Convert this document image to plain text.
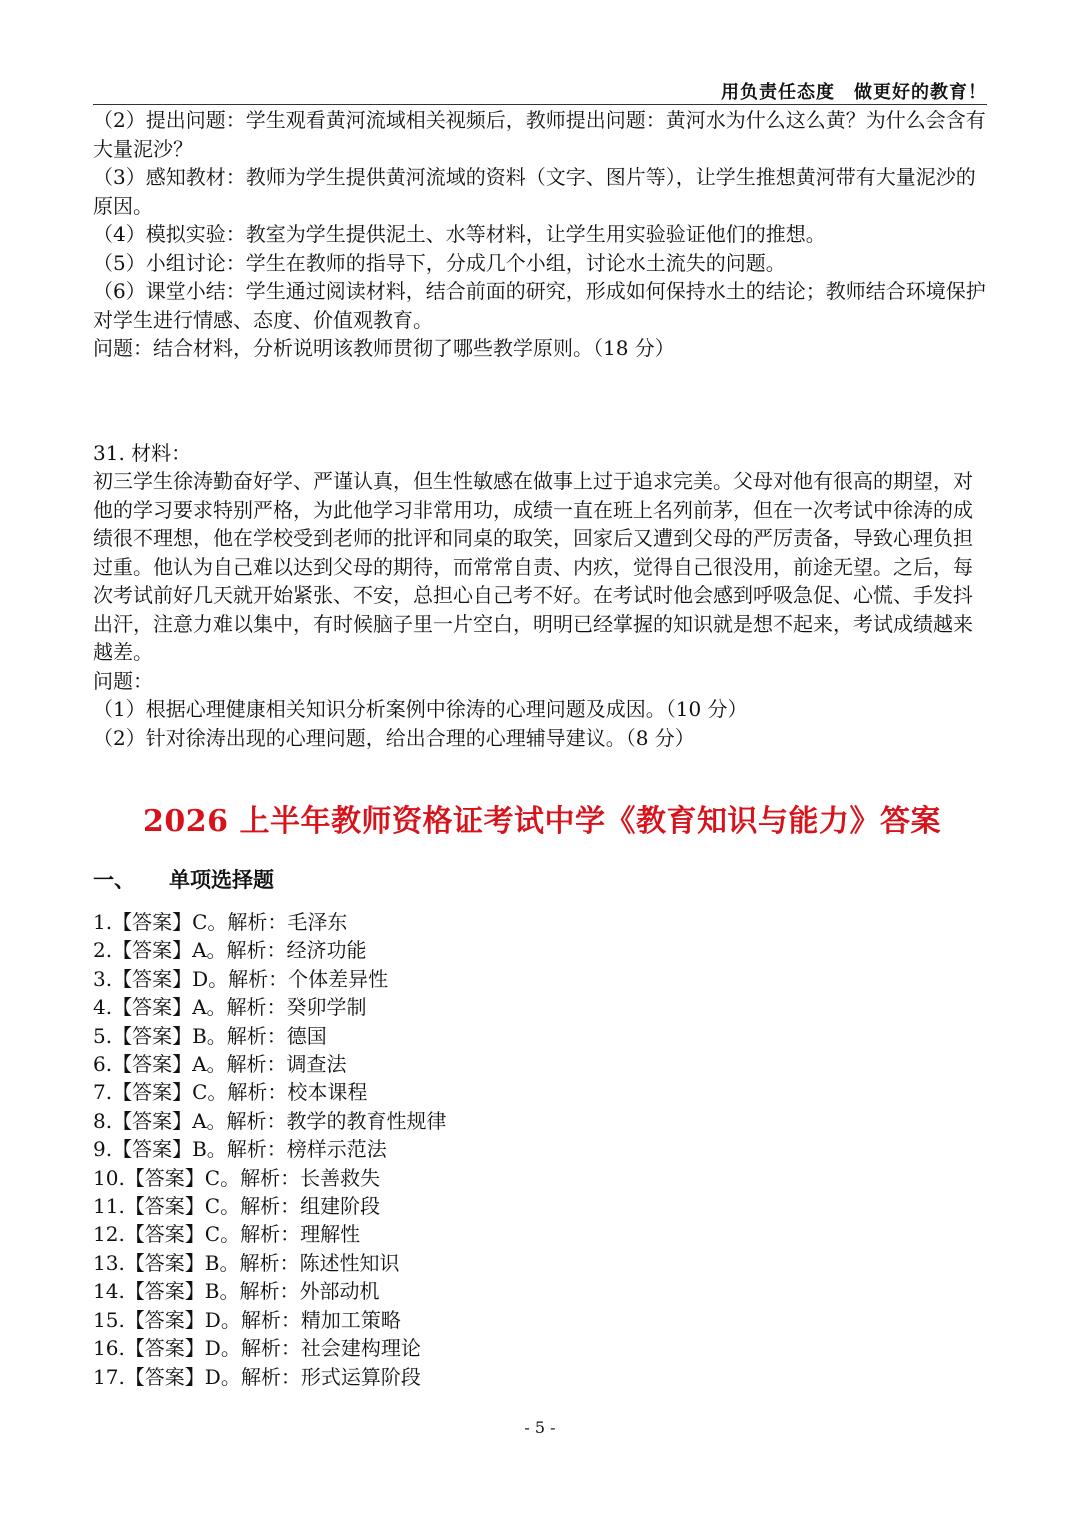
用负责任态度　做更好的教育！

（2）提出问题：学生观看黄河流域相关视频后，教师提出问题：黄河水为什么这么黄？为什么会含有大量泥沙？

（3）感知教材：教师为学生提供黄河流域的资料（文字、图片等），让学生推想黄河带有大量泥沙的原因。

（4）模拟实验：教室为学生提供泥土、水等材料，让学生用实验验证他们的推想。

（5）小组讨论：学生在教师的指导下，分成几个小组，讨论水土流失的问题。

（6）课堂小结：学生通过阅读材料，结合前面的研究，形成如何保持水土的结论；教师结合环境保护对学生进行情感、态度、价值观教育。

问题：结合材料，分析说明该教师贯彻了哪些教学原则。（18 分）

31. 材料：

初三学生徐涛勤奋好学、严谨认真，但生性敏感在做事上过于追求完美。父母对他有很高的期望，对他的学习要求特别严格，为此他学习非常用功，成绩一直在班上名列前茅，但在一次考试中徐涛的成绩很不理想，他在学校受到老师的批评和同桌的取笑，回家后又遭到父母的严厉责备，导致心理负担过重。他认为自己难以达到父母的期待，而常常自责、内疚，觉得自己很没用，前途无望。之后，每次考试前好几天就开始紧张、不安，总担心自己考不好。在考试时他会感到呼吸急促、心慌、手发抖出汗，注意力难以集中，有时候脑子里一片空白，明明已经掌握的知识就是想不起来，考试成绩越来越差。

问题：

（1）根据心理健康相关知识分析案例中徐涛的心理问题及成因。（10 分）

（2）针对徐涛出现的心理问题，给出合理的心理辅导建议。（8 分）

2026 上半年教师资格证考试中学《教育知识与能力》答案
一、 单项选择题
1.【答案】C。解析：毛泽东
2.【答案】A。解析：经济功能
3.【答案】D。解析：个体差异性
4.【答案】A。解析：癸卯学制
5.【答案】B。解析：德国
6.【答案】A。解析：调查法
7.【答案】C。解析：校本课程
8.【答案】A。解析：教学的教育性规律
9.【答案】B。解析：榜样示范法
10.【答案】C。解析：长善救失
11.【答案】C。解析：组建阶段
12.【答案】C。解析：理解性
13.【答案】B。解析：陈述性知识
14.【答案】B。解析：外部动机
15.【答案】D。解析：精加工策略
16.【答案】D。解析：社会建构理论
17.【答案】D。解析：形式运算阶段
- 5 -
